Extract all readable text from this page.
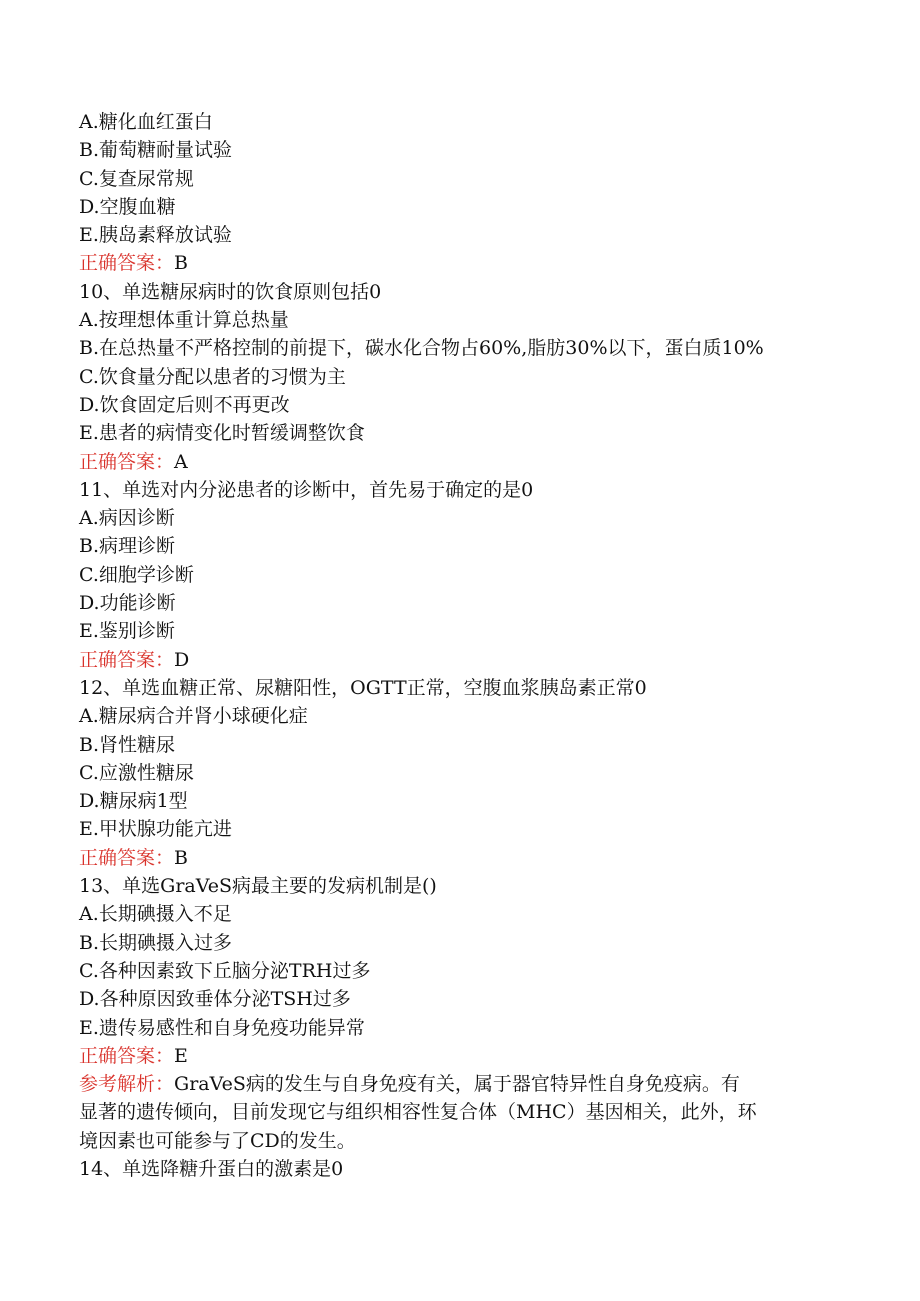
A.糖化血红蛋白
B.葡萄糖耐量试验
C.复查尿常规
D.空腹血糖
E.胰岛素释放试验
正确答案：B
10、单选糖尿病时的饮食原则包括0
A.按理想体重计算总热量
B.在总热量不严格控制的前提下，碳水化合物占60%,脂肪30%以下，蛋白质10%
C.饮食量分配以患者的习惯为主
D.饮食固定后则不再更改
E.患者的病情变化时暂缓调整饮食
正确答案：A
11、单选对内分泌患者的诊断中，首先易于确定的是0
A.病因诊断
B.病理诊断
C.细胞学诊断
D.功能诊断
E.鉴别诊断
正确答案：D
12、单选血糖正常、尿糖阳性，OGTT正常，空腹血浆胰岛素正常0
A.糖尿病合并肾小球硬化症
B.肾性糖尿
C.应激性糖尿
D.糖尿病1型
E.甲状腺功能亢进
正确答案：B
13、单选GraVeS病最主要的发病机制是()
A.长期碘摄入不足
B.长期碘摄入过多
C.各种因素致下丘脑分泌TRH过多
D.各种原因致垂体分泌TSH过多
E.遗传易感性和自身免疫功能异常
正确答案：E
参考解析：GraVeS病的发生与自身免疫有关，属于器官特异性自身免疫病。有
显著的遗传倾向，目前发现它与组织相容性复合体（MHC）基因相关，此外，环
境因素也可能参与了CD的发生。
14、单选降糖升蛋白的激素是0
